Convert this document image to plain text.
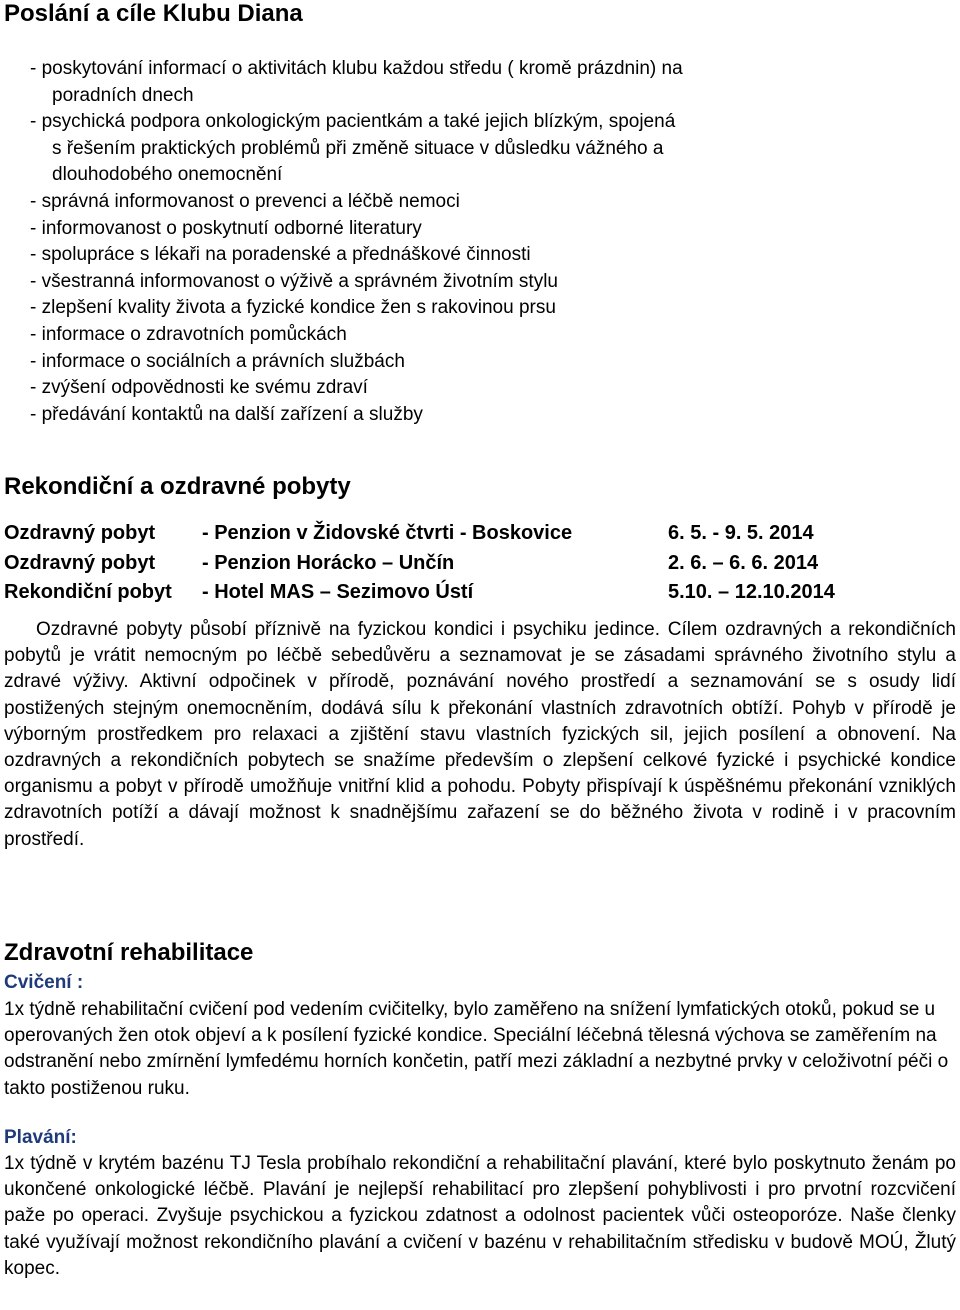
Poslání a cíle Klubu Diana
- poskytování informací o aktivitách klubu každou středu ( kromě prázdnin) na
poradních dnech
- psychická podpora onkologickým pacientkám a také jejich blízkým, spojená
s řešením praktických problémů při změně situace v důsledku vážného a
dlouhodobého onemocnění
- správná informovanost o prevenci a léčbě nemoci
- informovanost o poskytnutí odborné literatury
- spolupráce s lékaři na poradenské a přednáškové činnosti
- všestranná informovanost o výživě a správném životním stylu
- zlepšení kvality života a fyzické kondice žen s rakovinou prsu
- informace o zdravotních pomůckách
- informace o sociálních a právních službách
- zvýšení odpovědnosti ke svému zdraví
- předávání kontaktů na další zařízení a služby
Rekondiční a ozdravné pobyty
Ozdravný pobyt	- Penzion v Židovské čtvrti - Boskovice	6. 5. - 9. 5. 2014
Ozdravný pobyt	- Penzion Horácko – Unčín	2. 6. – 6. 6. 2014
Rekondiční pobyt	- Hotel MAS – Sezimovo Ústí	5.10. – 12.10.2014
Ozdravné pobyty působí příznivě na fyzickou kondici i psychiku jedince. Cílem ozdravných a rekondičních pobytů je vrátit nemocným po léčbě sebedůvěru a seznamovat je se zásadami správného životního stylu a zdravé výživy. Aktivní odpočinek v přírodě, poznávání nového prostředí a seznamování se s osudy lidí postižených stejným onemocněním, dodává sílu k překonání vlastních zdravotních obtíží. Pohyb v přírodě je výborným prostředkem pro relaxaci a zjištění stavu vlastních fyzických sil, jejich posílení a obnovení. Na ozdravných a rekondičních pobytech se snažíme především o zlepšení celkové fyzické i psychické kondice organismu a pobyt v přírodě umožňuje vnitřní klid a pohodu. Pobyty přispívají k úspěšnému překonání vzniklých zdravotních potíží a dávají možnost k snadnějšímu zařazení se do běžného života v rodině i v pracovním prostředí.
Zdravotní rehabilitace

Cvičení :

1x týdně rehabilitační cvičení pod vedením cvičitelky, bylo zaměřeno na snížení lymfatických otoků, pokud se u operovaných žen otok objeví a k posílení fyzické kondice. Speciální léčebná tělesná výchova se zaměřením na odstranění nebo zmírnění lymfedému horních končetin, patří mezi základní a nezbytné prvky v celoživotní péči o takto postiženou ruku.

Plavání:

1x týdně v krytém bazénu TJ Tesla probíhalo rekondiční a rehabilitační plavání, které bylo poskytnuto ženám po ukončené onkologické léčbě. Plavání je nejlepší rehabilitací pro zlepšení pohyblivosti i pro prvotní rozcvičení paže po operaci. Zvyšuje psychickou a fyzickou zdatnost a odolnost pacientek vůči osteoporóze. Naše členky také využívají možnost rekondičního plavání a cvičení v bazénu v rehabilitačním středisku v budově MOÚ, Žlutý kopec.
